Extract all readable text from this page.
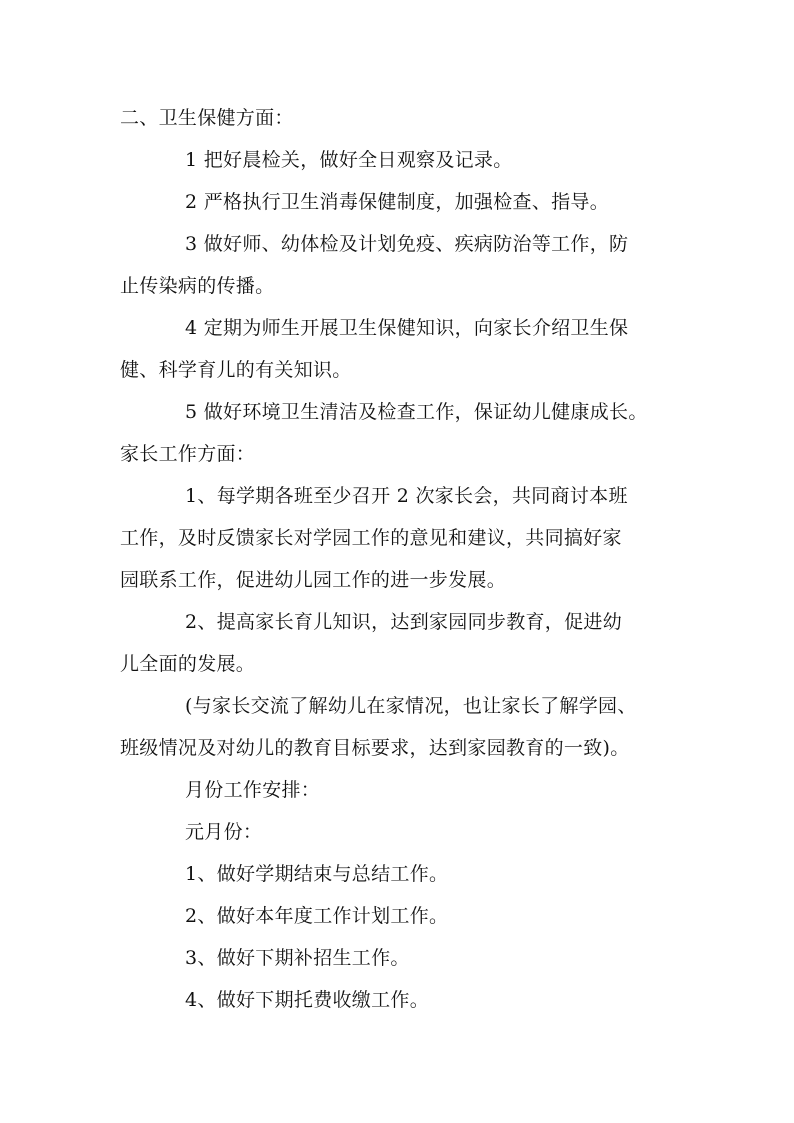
二、卫生保健方面：
1 把好晨检关，做好全日观察及记录。
2 严格执行卫生消毒保健制度，加强检查、指导。
3 做好师、幼体检及计划免疫、疾病防治等工作，防
止传染病的传播。
4 定期为师生开展卫生保健知识，向家长介绍卫生保
健、科学育儿的有关知识。
5 做好环境卫生清洁及检查工作，保证幼儿健康成长。
家长工作方面：
1、每学期各班至少召开 2 次家长会，共同商讨本班
工作，及时反馈家长对学园工作的意见和建议，共同搞好家
园联系工作，促进幼儿园工作的进一步发展。
2、提高家长育儿知识，达到家园同步教育，促进幼
儿全面的发展。
(与家长交流了解幼儿在家情况，也让家长了解学园、
班级情况及对幼儿的教育目标要求，达到家园教育的一致)。
月份工作安排：
元月份：
1、做好学期结束与总结工作。
2、做好本年度工作计划工作。
3、做好下期补招生工作。
4、做好下期托费收缴工作。
